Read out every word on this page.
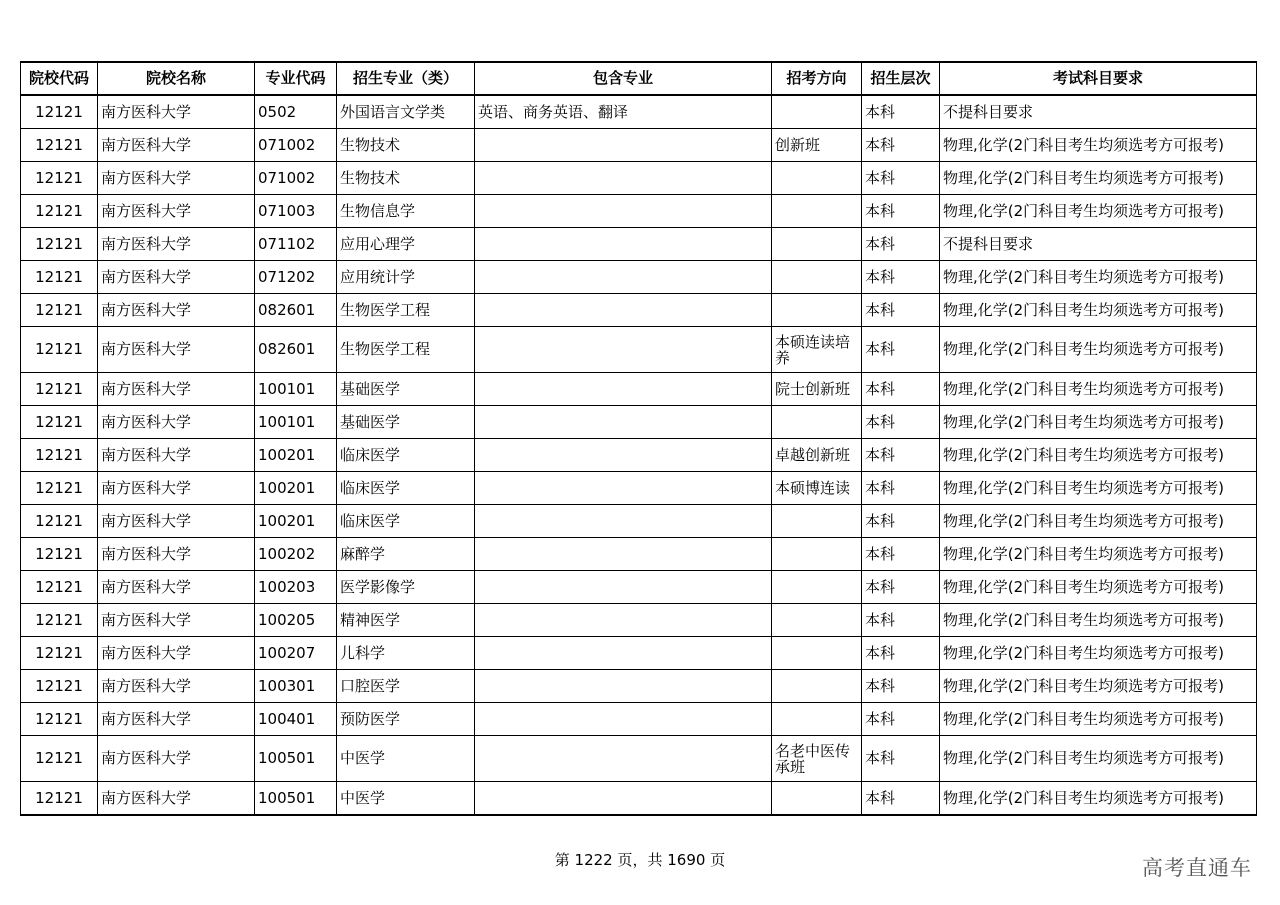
院校代码	院校名称	专业代码	招生专业（类）	包含专业	招考方向	招生层次	考试科目要求
12121	南方医科大学	0502	外国语言文学类	英语、商务英语、翻译		本科	不提科目要求
12121	南方医科大学	071002	生物技术		创新班	本科	物理,化学(2门科目考生均须选考方可报考)
12121	南方医科大学	071002	生物技术			本科	物理,化学(2门科目考生均须选考方可报考)
12121	南方医科大学	071003	生物信息学			本科	物理,化学(2门科目考生均须选考方可报考)
12121	南方医科大学	071102	应用心理学			本科	不提科目要求
12121	南方医科大学	071202	应用统计学			本科	物理,化学(2门科目考生均须选考方可报考)
12121	南方医科大学	082601	生物医学工程			本科	物理,化学(2门科目考生均须选考方可报考)
12121	南方医科大学	082601	生物医学工程		本硕连读培养	本科	物理,化学(2门科目考生均须选考方可报考)
12121	南方医科大学	100101	基础医学		院士创新班	本科	物理,化学(2门科目考生均须选考方可报考)
12121	南方医科大学	100101	基础医学			本科	物理,化学(2门科目考生均须选考方可报考)
12121	南方医科大学	100201	临床医学		卓越创新班	本科	物理,化学(2门科目考生均须选考方可报考)
12121	南方医科大学	100201	临床医学		本硕博连读	本科	物理,化学(2门科目考生均须选考方可报考)
12121	南方医科大学	100201	临床医学			本科	物理,化学(2门科目考生均须选考方可报考)
12121	南方医科大学	100202	麻醉学			本科	物理,化学(2门科目考生均须选考方可报考)
12121	南方医科大学	100203	医学影像学			本科	物理,化学(2门科目考生均须选考方可报考)
12121	南方医科大学	100205	精神医学			本科	物理,化学(2门科目考生均须选考方可报考)
12121	南方医科大学	100207	儿科学			本科	物理,化学(2门科目考生均须选考方可报考)
12121	南方医科大学	100301	口腔医学			本科	物理,化学(2门科目考生均须选考方可报考)
12121	南方医科大学	100401	预防医学			本科	物理,化学(2门科目考生均须选考方可报考)
12121	南方医科大学	100501	中医学		名老中医传承班	本科	物理,化学(2门科目考生均须选考方可报考)
12121	南方医科大学	100501	中医学			本科	物理,化学(2门科目考生均须选考方可报考)
第 1222 页，共 1690 页	高考直通车
